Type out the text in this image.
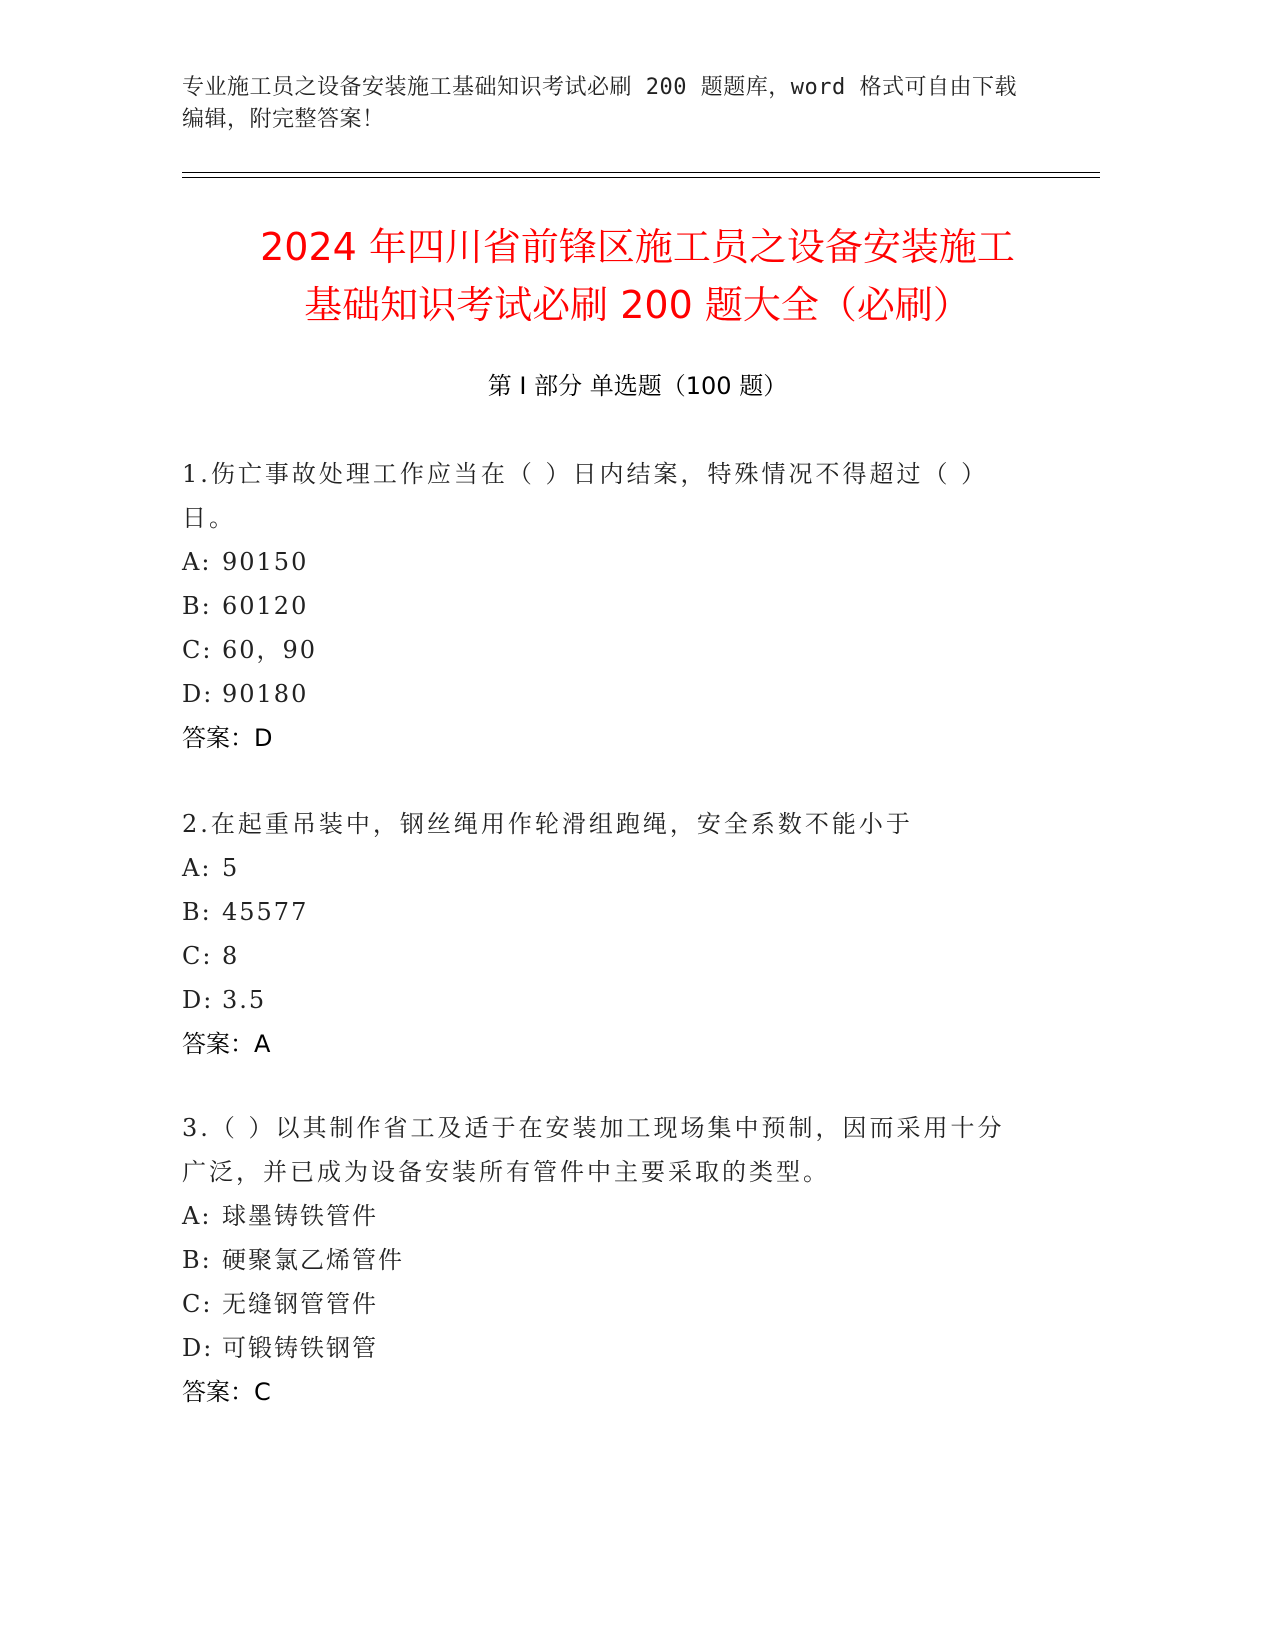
专业施工员之设备安装施工基础知识考试必刷 200 题题库，word 格式可自由下载
编辑，附完整答案！
2024 年四川省前锋区施工员之设备安装施工
基础知识考试必刷 200 题大全（必刷）
第 I 部分 单选题（100 题）

1.伤亡事故处理工作应当在（ ）日内结案，特殊情况不得超过（ ）

日。

A: 90150

B: 60120

C: 60，90

D: 90180

答案：D

2.在起重吊装中，钢丝绳用作轮滑组跑绳，安全系数不能小于

A: 5

B: 45577

C: 8

D: 3.5

答案：A

3.（ ）以其制作省工及适于在安装加工现场集中预制，因而采用十分

广泛，并已成为设备安装所有管件中主要采取的类型。

A: 球墨铸铁管件

B: 硬聚氯乙烯管件

C: 无缝钢管管件

D: 可锻铸铁钢管

答案：C
